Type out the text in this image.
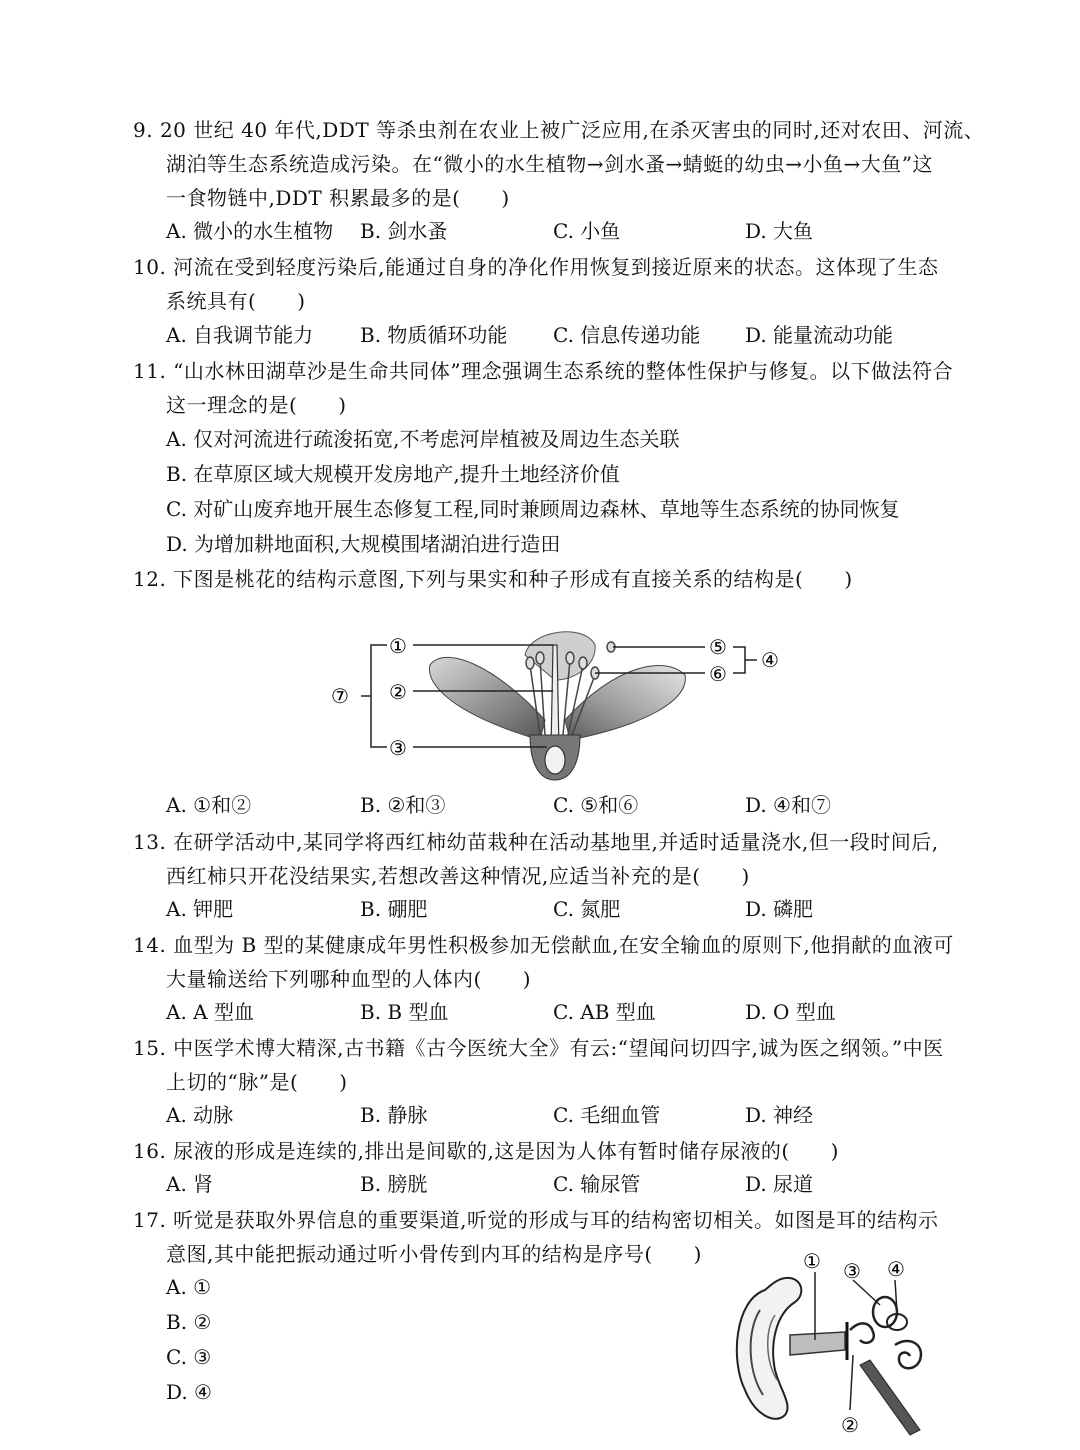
9. 20 世纪 40 年代,DDT 等杀虫剂在农业上被广泛应用,在杀灭害虫的同时,还对农田、河流、
湖泊等生态系统造成污染。在“微小的水生植物→剑水蚤→蜻蜓的幼虫→小鱼→大鱼”这
一食物链中,DDT 积累最多的是(　　)
A. 微小的水生植物 B. 剑水蚤	C. 小鱼	D. 大鱼
10. 河流在受到轻度污染后,能通过自身的净化作用恢复到接近原来的状态。这体现了生态
系统具有(　　)
A. 自我调节能力 B. 物质循环功能 C. 信息传递功能 D. 能量流动功能
11. “山水林田湖草沙是生命共同体”理念强调生态系统的整体性保护与修复。以下做法符合
这一理念的是(　　)
A. 仅对河流进行疏浚拓宽,不考虑河岸植被及周边生态关联
B. 在草原区域大规模开发房地产,提升土地经济价值
C. 对矿山废弃地开展生态修复工程,同时兼顾周边森林、草地等生态系统的协同恢复
D. 为增加耕地面积,大规模围堵湖泊进行造田
12. 下图是桃花的结构示意图,下列与果实和种子形成有直接关系的结构是(　　)
①
②
③
④
⑤
⑥
⑦
A. ①和②	B. ②和③	C. ⑤和⑥	D. ④和⑦
13. 在研学活动中,某同学将西红柿幼苗栽种在活动基地里,并适时适量浇水,但一段时间后,
西红柿只开花没结果实,若想改善这种情况,应适当补充的是(　　)
A. 钾肥	B. 硼肥	C. 氮肥	D. 磷肥
14. 血型为 B 型的某健康成年男性积极参加无偿献血,在安全输血的原则下,他捐献的血液可
大量输送给下列哪种血型的人体内(　　)
A. A 型血	B. B 型血	C. AB 型血	D. O 型血
15. 中医学术博大精深,古书籍《古今医统大全》有云:“望闻问切四字,诚为医之纲领。”中医
上切的“脉”是(　　)
A. 动脉	B. 静脉	C. 毛细血管	D. 神经
16. 尿液的形成是连续的,排出是间歇的,这是因为人体有暂时储存尿液的(　　)
A. 肾	B. 膀胱	C. 输尿管	D. 尿道
17. 听觉是获取外界信息的重要渠道,听觉的形成与耳的结构密切相关。如图是耳的结构示
意图,其中能把振动通过听小骨传到内耳的结构是序号(　　)
A. ①
B. ②
C. ③
D. ④
① ③ ④
②
